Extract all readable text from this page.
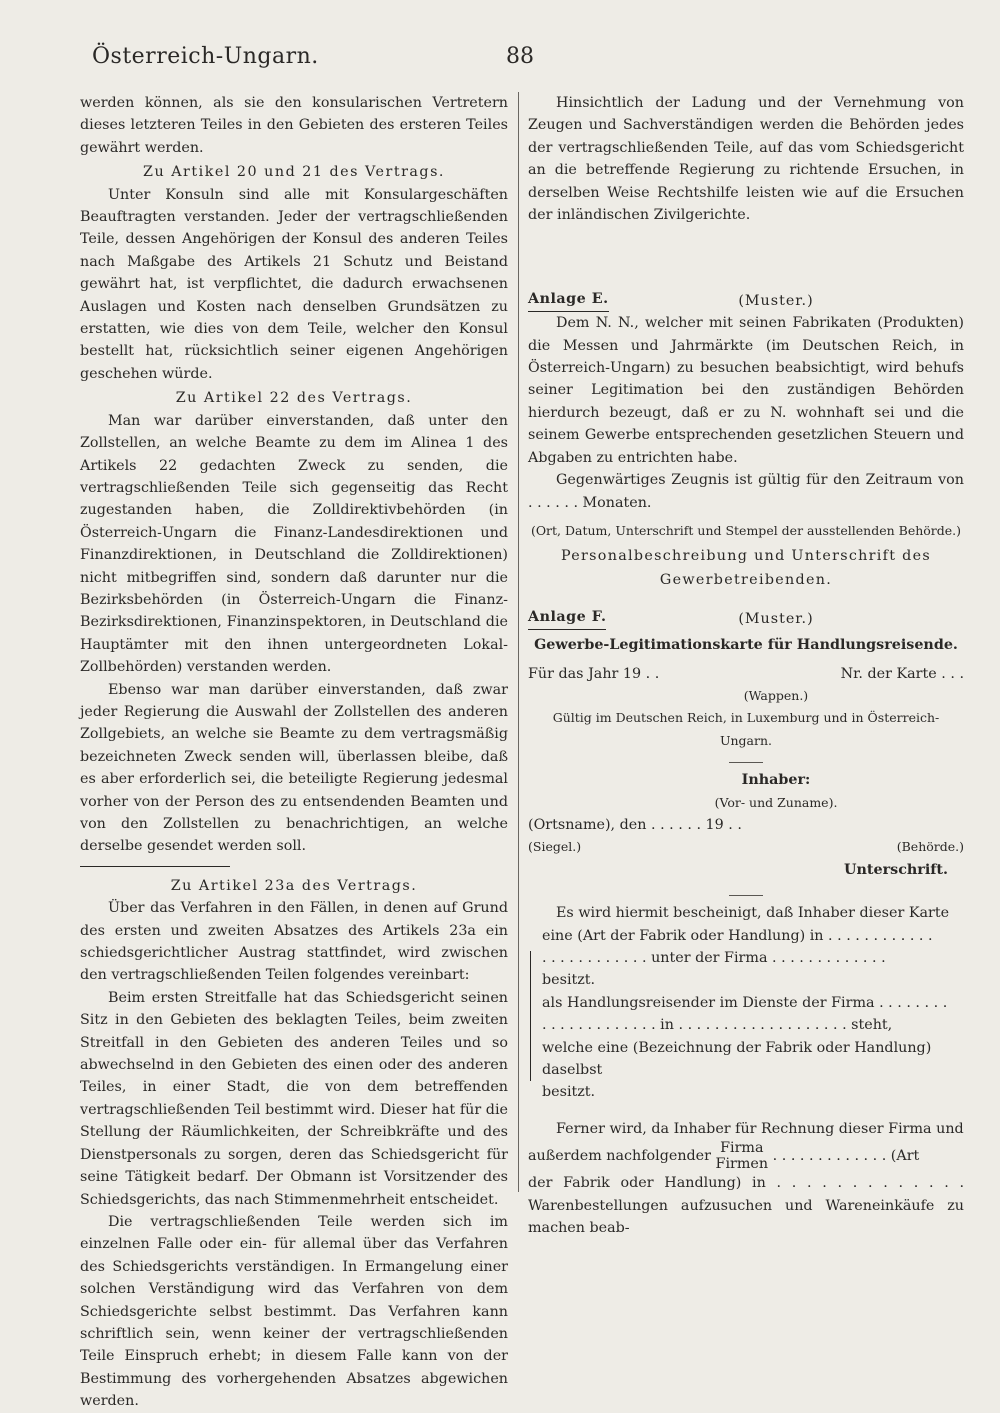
Österreich-Ungarn.	88

werden können, als sie den konsularischen Vertretern dieses letzteren Teiles in den Gebieten des ersteren Teiles gewährt werden.

Zu Artikel 20 und 21 des Vertrags.

Unter Konsuln sind alle mit Konsulargeschäften Beauftragten verstanden. Jeder der vertragschließenden Teile, dessen Angehörigen der Konsul des anderen Teiles nach Maßgabe des Artikels 21 Schutz und Beistand gewährt hat, ist verpflichtet, die dadurch erwachsenen Auslagen und Kosten nach denselben Grundsätzen zu erstatten, wie dies von dem Teile, welcher den Konsul bestellt hat, rücksichtlich seiner eigenen Angehörigen geschehen würde.

Zu Artikel 22 des Vertrags.

Man war darüber einverstanden, daß unter den Zollstellen, an welche Beamte zu dem im Alinea 1 des Artikels 22 gedachten Zweck zu senden, die vertragschließenden Teile sich gegenseitig das Recht zugestanden haben, die Zolldirektivbehörden (in Österreich-Ungarn die Finanz-Landesdirektionen und Finanzdirektionen, in Deutschland die Zolldirektionen) nicht mitbegriffen sind, sondern daß darunter nur die Bezirksbehörden (in Österreich-Ungarn die Finanz-Bezirksdirektionen, Finanzinspektoren, in Deutschland die Hauptämter mit den ihnen untergeordneten Lokal-Zollbehörden) verstanden werden.

Ebenso war man darüber einverstanden, daß zwar jeder Regierung die Auswahl der Zollstellen des anderen Zollgebiets, an welche sie Beamte zu dem vertragsmäßig bezeichneten Zweck senden will, überlassen bleibe, daß es aber erforderlich sei, die beteiligte Regierung jedesmal vorher von der Person des zu entsendenden Beamten und von den Zollstellen zu benachrichtigen, an welche derselbe gesendet werden soll.

Zu Artikel 23a des Vertrags.

Über das Verfahren in den Fällen, in denen auf Grund des ersten und zweiten Absatzes des Artikels 23a ein schiedsgerichtlicher Austrag stattfindet, wird zwischen den vertragschließenden Teilen folgendes vereinbart:

Beim ersten Streitfalle hat das Schiedsgericht seinen Sitz in den Gebieten des beklagten Teiles, beim zweiten Streitfall in den Gebieten des anderen Teiles und so abwechselnd in den Gebieten des einen oder des anderen Teiles, in einer Stadt, die von dem betreffenden vertragschließenden Teil bestimmt wird. Dieser hat für die Stellung der Räumlichkeiten, der Schreibkräfte und des Dienstpersonals zu sorgen, deren das Schiedsgericht für seine Tätigkeit bedarf. Der Obmann ist Vorsitzender des Schiedsgerichts, das nach Stimmenmehrheit entscheidet.

Die vertragschließenden Teile werden sich im einzelnen Falle oder ein- für allemal über das Verfahren des Schiedsgerichts verständigen. In Ermangelung einer solchen Verständigung wird das Verfahren von dem Schiedsgerichte selbst bestimmt. Das Verfahren kann schriftlich sein, wenn keiner der vertragschließenden Teile Einspruch erhebt; in diesem Falle kann von der Bestimmung des vorhergehenden Absatzes abgewichen werden.

Hinsichtlich der Ladung und der Vernehmung von Zeugen und Sachverständigen werden die Behörden jedes der vertragschließenden Teile, auf das vom Schiedsgericht an die betreffende Regierung zu richtende Ersuchen, in derselben Weise Rechtshilfe leisten wie auf die Ersuchen der inländischen Zivilgerichte.

Anlage E.	(Muster.)

Dem N. N., welcher mit seinen Fabrikaten (Produkten) die Messen und Jahrmärkte (im Deutschen Reich, in Österreich-Ungarn) zu besuchen beabsichtigt, wird behufs seiner Legitimation bei den zuständigen Behörden hierdurch bezeugt, daß er zu N. wohnhaft sei und die seinem Gewerbe entsprechenden gesetzlichen Steuern und Abgaben zu entrichten habe.

Gegenwärtiges Zeugnis ist gültig für den Zeitraum von . . . . . . Monaten.

(Ort, Datum, Unterschrift und Stempel der ausstellenden Behörde.)
Personalbeschreibung und Unterschrift des Gewerbetreibenden.
Anlage F.	(Muster.)
Gewerbe-Legitimationskarte für Handlungsreisende.
Für das Jahr 19 . .	Nr. der Karte . . .
(Wappen.)
Gültig im Deutschen Reich, in Luxemburg und in Österreich-Ungarn.
Inhaber:
(Vor- und Zuname).
(Ortsname), den . . . . . . 19 . .
(Siegel.)	(Behörde.)
Unterschrift.

Es wird hiermit bescheinigt, daß Inhaber dieser Karte

eine (Art der Fabrik oder Handlung) in . . . . . . . . . . . .
. . . . . . . . . . . . unter der Firma . . . . . . . . . . . . .
besitzt.
als Handlungsreisender im Dienste der Firma . . . . . . . .
. . . . . . . . . . . . . in . . . . . . . . . . . . . . . . . . . steht,
welche eine (Bezeichnung der Fabrik oder Handlung) daselbst
besitzt.

Ferner wird, da Inhaber für Rechnung dieser Firma und

außerdem nachfolgender Firma
Firmen . . . . . . . . . . . . . (Art

der Fabrik oder Handlung) in . . . . . . . . . . . . . Warenbestellungen aufzusuchen und Wareneinkäufe zu machen beab-
